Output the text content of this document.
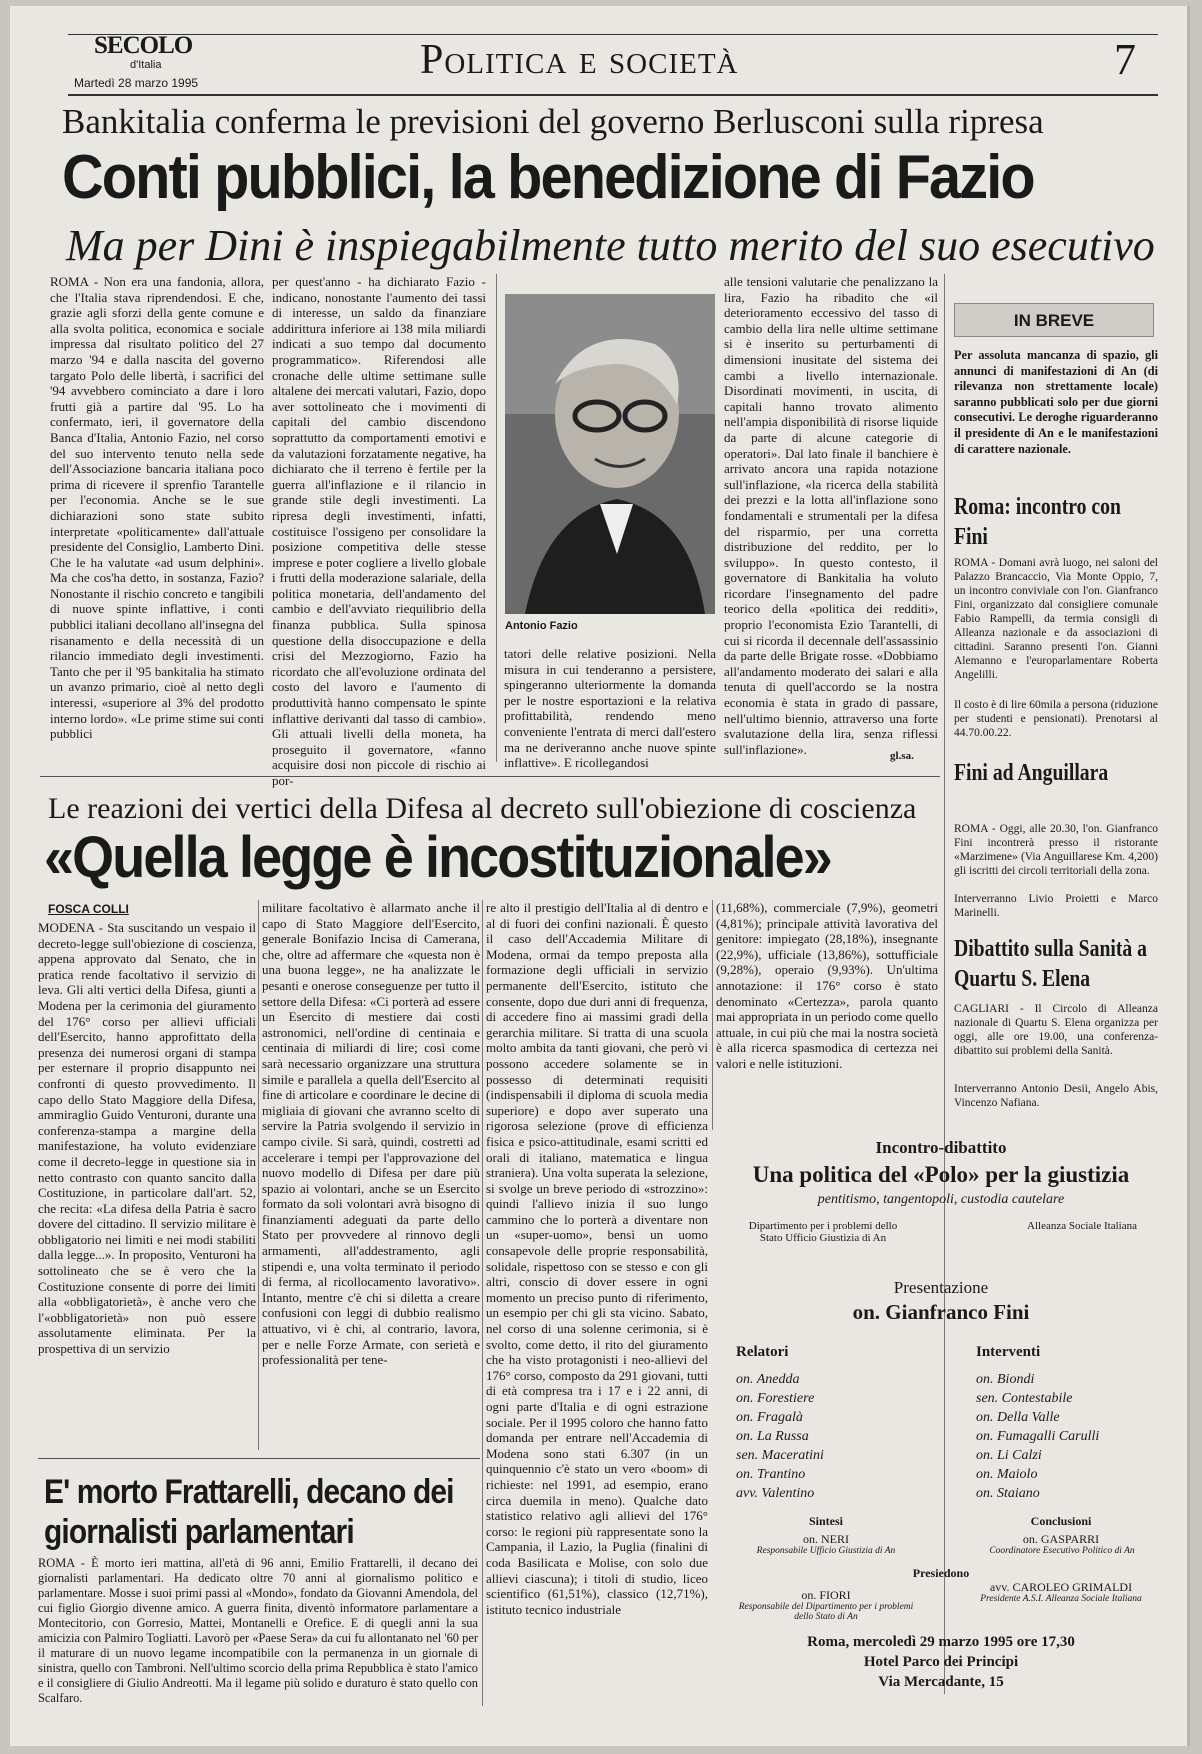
SECOLO
d'Italia
Martedì 28 marzo 1995	Politica e società	7
Bankitalia conferma le previsioni del governo Berlusconi sulla ripresa
Conti pubblici, la benedizione di Fazio
Ma per Dini è inspiegabilmente tutto merito del suo esecutivo
ROMA - Non era una fandonia, allora, che l'Italia stava riprendendosi. E che, grazie agli sforzi della gente comune e alla svolta politica, economica e sociale impressa dal risultato politico del 27 marzo '94 e dalla nascita del governo targato Polo delle libertà, i sacrifici del '94 avvebbero cominciato a dare i loro frutti già a partire dal '95. Lo ha confermato, ieri, il governatore della Banca d'Italia, Antonio Fazio, nel corso del suo intervento tenuto nella sede dell'Associazione bancaria italiana poco prima di ricevere il sprenfio Tarantelle per l'economia. Anche se le sue dichiarazioni sono state subito interpretate «politicamente» dall'attuale presidente del Consiglio, Lamberto Dini. Che le ha valutate «ad usum delphini». Ma che cos'ha detto, in sostanza, Fazio? Nonostante il rischio concreto e tangibili di nuove spinte inflattive, i conti pubblici italiani decollano all'insegna del risanamento e della necessità di un rilancio immediato degli investimenti. Tanto che per il '95 bankitalia ha stimato un avanzo primario, cioè al netto degli interessi, «superiore al 3% del prodotto interno lordo». «Le prime stime sui conti pubblici
per quest'anno - ha dichiarato Fazio - indicano, nonostante l'aumento dei tassi di interesse, un saldo da finanziare addirittura inferiore ai 138 mila miliardi indicati a suo tempo dal documento programmatico». Riferendosi alle cronache delle ultime settimane sulle altalene dei mercati valutari, Fazio, dopo aver sottolineato che i movimenti di capitali del cambio discendono soprattutto da comportamenti emotivi e da valutazioni forzatamente negative, ha dichiarato che il terreno è fertile per la guerra all'inflazione e il rilancio in grande stile degli investimenti. La ripresa degli investimenti, infatti, costituisce l'ossigeno per consolidare la posizione competitiva delle stesse imprese e poter cogliere a livello globale i frutti della moderazione salariale, della politica monetaria, dell'andamento del cambio e dell'avviato riequilibrio della finanza pubblica. Sulla spinosa questione della disoccupazione e della crisi del Mezzogiorno, Fazio ha ricordato che all'evoluzione ordinata del costo del lavoro e l'aumento di produttività hanno compensato le spinte inflattive derivanti dal tasso di cambio». Gli attuali livelli della moneta, ha proseguito il governatore, «fanno acquisire dosi non piccole di rischio ai por-
Antonio Fazio
tatori delle relative posizioni. Nella misura in cui tenderanno a persistere, spingeranno ulteriormente la domanda per le nostre esportazioni e la relativa profittabilità, rendendo meno conveniente l'entrata di merci dall'estero ma ne deriveranno anche nuove spinte inflattive». E ricollegandosi
alle tensioni valutarie che penalizzano la lira, Fazio ha ribadito che «il deterioramento eccessivo del tasso di cambio della lira nelle ultime settimane si è inserito su perturbamenti di dimensioni inusitate del sistema dei cambi a livello internazionale. Disordinati movimenti, in uscita, di capitali hanno trovato alimento nell'ampia disponibilità di risorse liquide da parte di alcune categorie di operatori». Dal lato finale il banchiere è arrivato ancora una rapida notazione sull'inflazione, «la ricerca della stabilità dei prezzi e la lotta all'inflazione sono fondamentali e strumentali per la difesa del risparmio, per una corretta distribuzione del reddito, per lo sviluppo». In questo contesto, il governatore di Bankitalia ha voluto ricordare l'insegnamento del padre teorico della «politica dei redditi», proprio l'economista Ezio Tarantelli, di cui si ricorda il decennale dell'assassinio da parte delle Brigate rosse. «Dobbiamo all'andamento moderato dei salari e alla tenuta di quell'accordo se la nostra economia è stata in grado di passare, nell'ultimo biennio, attraverso una forte svalutazione della lira, senza riflessi sull'inflazione».	gl.sa.
IN BREVE
Per assoluta mancanza di spazio, gli annunci di manifestazioni di An (di rilevanza non strettamente locale) saranno pubblicati solo per due giorni consecutivi. Le deroghe riguarderanno il presidente di An e le manifestazioni di carattere nazionale.
Roma: incontro con Fini
ROMA - Domani avrà luogo, nei saloni del Palazzo Brancaccio, Via Monte Oppio, 7, un incontro conviviale con l'on. Gianfranco Fini, organizzato dal consigliere comunale Fabio Rampelli, da termia consigli di Alleanza nazionale e da associazioni di cittadini. Saranno presenti l'on. Gianni Alemanno e l'europarlamentare Roberta Angelilli.
Il costo è di lire 60mila a persona (riduzione per studenti e pensionati). Prenotarsi al 44.70.00.22.
Fini ad Anguillara
ROMA - Oggi, alle 20.30, l'on. Gianfranco Fini incontrerà presso il ristorante «Marzimene» (Via Anguillarese Km. 4,200) gli iscritti dei circoli territoriali della zona.
Interverranno Livio Proietti e Marco Marinelli.
Dibattito sulla Sanità a Quartu S. Elena
CAGLIARI - Il Circolo di Alleanza nazionale di Quartu S. Elena organizza per oggi, alle ore 19.00, una conferenza-dibattito sui problemi della Sanità.
Interverranno Antonio Desii, Angelo Abis, Vincenzo Nafiana.
Le reazioni dei vertici della Difesa al decreto sull'obiezione di coscienza
«Quella legge è incostituzionale»
FOSCA COLLI
MODENA - Sta suscitando un vespaio il decreto-legge sull'obiezione di coscienza, appena approvato dal Senato, che in pratica rende facoltativo il servizio di leva. Gli alti vertici della Difesa, giunti a Modena per la cerimonia del giuramento del 176° corso per allievi ufficiali dell'Esercito, hanno approfittato della presenza dei numerosi organi di stampa per esternare il proprio disappunto nei confronti di questo provvedimento. Il capo dello Stato Maggiore della Difesa, ammiraglio Guido Venturoni, durante una conferenza-stampa a margine della manifestazione, ha voluto evidenziare come il decreto-legge in questione sia in netto contrasto con quanto sancito dalla Costituzione, in particolare dall'art. 52, che recita: «La difesa della Patria è sacro dovere del cittadino. Il servizio militare è obbligatorio nei limiti e nei modi stabiliti dalla legge...». In proposito, Venturoni ha sottolineato che se è vero che la Costituzione consente di porre dei limiti alla «obbligatorietà», è anche vero che l'«obbligatorietà» non può essere assolutamente eliminata. Per la prospettiva di un servizio
militare facoltativo è allarmato anche il capo di Stato Maggiore dell'Esercito, generale Bonifazio Incisa di Camerana, che, oltre ad affermare che «questa non è una buona legge», ne ha analizzate le pesanti e onerose conseguenze per tutto il settore della Difesa: «Ci porterà ad essere un Esercito di mestiere dai costi astronomici, nell'ordine di centinaia e centinaia di miliardi di lire; così come sarà necessario organizzare una struttura simile e parallela a quella dell'Esercito al fine di articolare e coordinare le decine di migliaia di giovani che avranno scelto di servire la Patria svolgendo il servizio in campo civile. Si sarà, quindi, costretti ad accelerare i tempi per l'approvazione del nuovo modello di Difesa per dare più spazio ai volontari, anche se un Esercito formato da soli volontari avrà bisogno di finanziamenti adeguati da parte dello Stato per provvedere al rinnovo degli armamenti, all'addestramento, agli stipendi e, una volta terminato il periodo di ferma, al ricollocamento lavorativo». Intanto, mentre c'è chi si diletta a creare confusioni con leggi di dubbio realismo attuativo, vi è chi, al contrario, lavora, per e nelle Forze Armate, con serietà e professionalità per tene-
re alto il prestigio dell'Italia al di dentro e al di fuori dei confini nazionali. È questo il caso dell'Accademia Militare di Modena, ormai da tempo preposta alla formazione degli ufficiali in servizio permanente dell'Esercito, istituto che consente, dopo due duri anni di frequenza, di accedere fino ai massimi gradi della gerarchia militare. Si tratta di una scuola molto ambita da tanti giovani, che però vi possono accedere solamente se in possesso di determinati requisiti (indispensabili il diploma di scuola media superiore) e dopo aver superato una rigorosa selezione (prove di efficienza fisica e psico-attitudinale, esami scritti ed orali di italiano, matematica e lingua straniera). Una volta superata la selezione, si svolge un breve periodo di «strozzino»: quindi l'allievo inizia il suo lungo cammino che lo porterà a diventare non un «super-uomo», bensì un uomo consapevole delle proprie responsabilità, solidale, rispettoso con se stesso e con gli altri, conscio di dover essere in ogni momento un preciso punto di riferimento, un esempio per chi gli sta vicino. Sabato, nel corso di una solenne cerimonia, si è svolto, come detto, il rito del giuramento che ha visto protagonisti i neo-allievi del 176° corso, composto da 291 giovani, tutti di età compresa tra i 17 e i 22 anni, di ogni parte d'Italia e di ogni estrazione sociale. Per il 1995 coloro che hanno fatto domanda per entrare nell'Accademia di Modena sono stati 6.307 (in un quinquennio c'è stato un vero «boom» di richieste: nel 1991, ad esempio, erano circa duemila in meno). Qualche dato statistico relativo agli allievi del 176° corso: le regioni più rappresentate sono la Campania, il Lazio, la Puglia (finalini di coda Basilicata e Molise, con solo due allievi ciascuna); i titoli di studio, liceo scientifico (61,51%), classico (12,71%), istituto tecnico industriale
(11,68%), commerciale (7,9%), geometri (4,81%); principale attività lavorativa del genitore: impiegato (28,18%), insegnante (22,9%), ufficiale (13,86%), sottufficiale (9,28%), operaio (9,93%). Un'ultima annotazione: il 176° corso è stato denominato «Certezza», parola quanto mai appropriata in un periodo come quello attuale, in cui più che mai la nostra società è alla ricerca spasmodica di certezza nei valori e nelle istituzioni.
E' morto Frattarelli, decano dei giornalisti parlamentari
ROMA - È morto ieri mattina, all'età di 96 anni, Emilio Frattarelli, il decano dei giornalisti parlamentari. Ha dedicato oltre 70 anni al giornalismo politico e parlamentare. Mosse i suoi primi passi al «Mondo», fondato da Giovanni Amendola, del cui figlio Giorgio divenne amico. A guerra finita, diventò informatore parlamentare a Montecitorio, con Gorresio, Mattei, Montanelli e Orefice. E di quegli anni la sua amicizia con Palmiro Togliatti. Lavorò per «Paese Sera» da cui fu allontanato nel '60 per il maturare di un nuovo legame incompatibile con la permanenza in un giornale di sinistra, quello con Tambroni. Nell'ultimo scorcio della prima Repubblica è stato l'amico e il consigliere di Giulio Andreotti. Ma il legame più solido e duraturo è stato quello con Scalfaro.
Incontro-dibattito
Una politica del «Polo» per la giustizia
pentitismo, tangentopoli, custodia cautelare
Dipartimento per i problemi dello Stato Ufficio Giustizia di An
Alleanza Sociale Italiana
Presentazione
on. Gianfranco Fini
Relatori
on. Anedda
on. Forestiere
on. Fragalà
on. La Russa
sen. Maceratini
on. Trantino
avv. Valentino
Interventi
on. Biondi
sen. Contestabile
on. Della Valle
on. Fumagalli Carulli
on. Li Calzi
on. Maiolo
on. Staiano
Sintesi
on. NERI
Responsabile Ufficio Giustizia di An
Conclusioni
on. GASPARRI
Coordinatore Esecutivo Politico di An
Presiedono
on. FIORI
Responsabile del Dipartimento per i problemi dello Stato di An
avv. CAROLEO GRIMALDI
Presidente A.S.I. Alleanza Sociale Italiana
Roma, mercoledì 29 marzo 1995 ore 17,30
Hotel Parco dei Principi
Via Mercadante, 15
